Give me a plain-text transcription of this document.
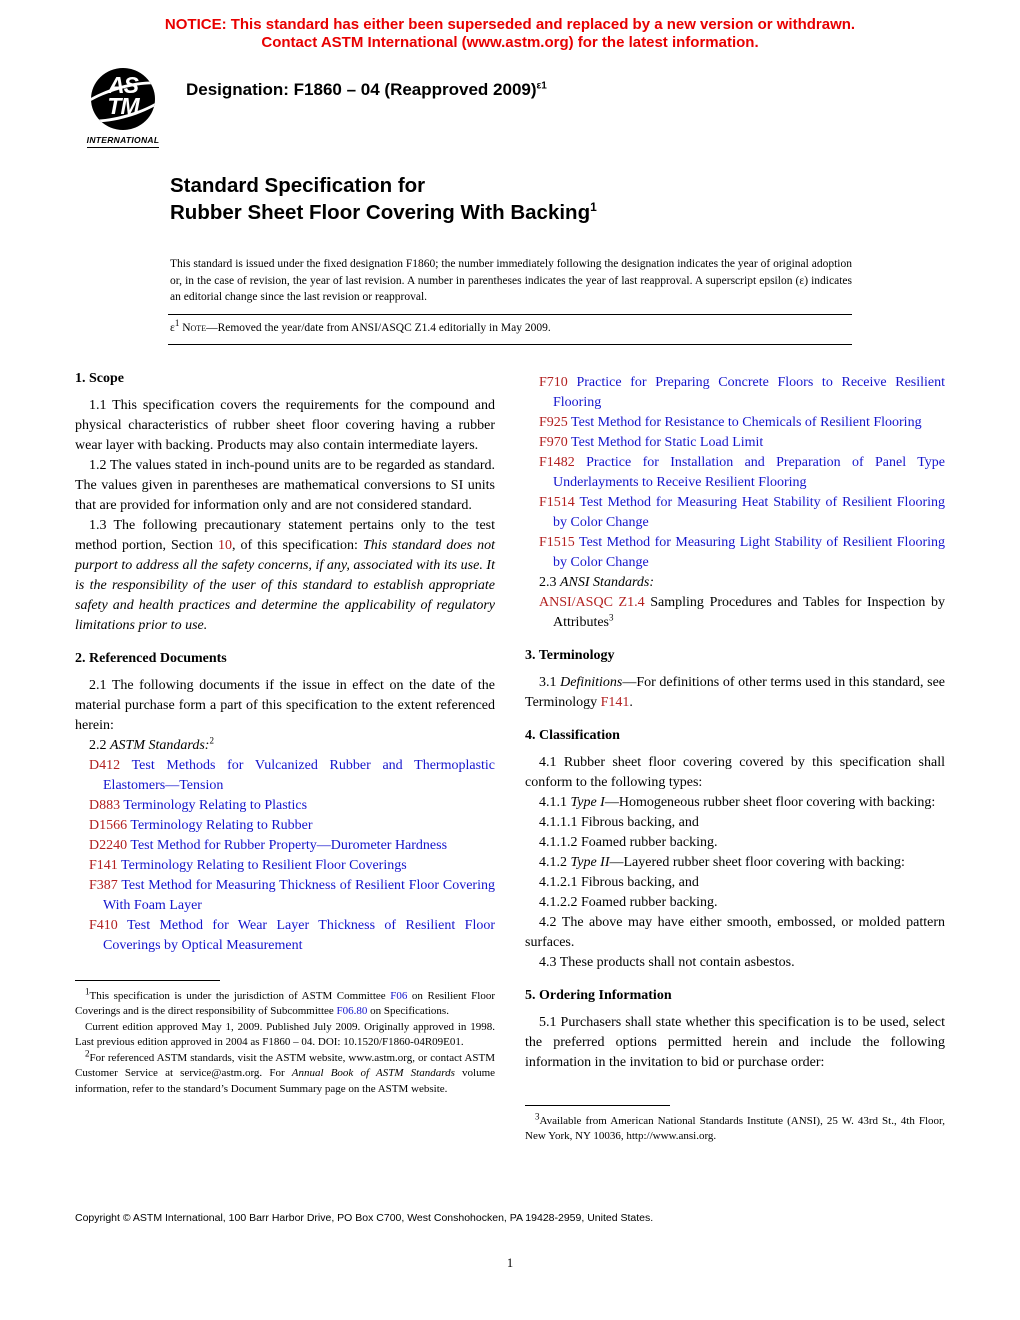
NOTICE: This standard has either been superseded and replaced by a new version or withdrawn.
Contact ASTM International (www.astm.org) for the latest information.
AS
TM
INTERNATIONAL
Designation: F1860 – 04 (Reapproved 2009)$^{\varepsilon 1}$
Standard Specification for
Rubber Sheet Floor Covering With Backing$^1$
This standard is issued under the fixed designation F1860; the number immediately following the designation indicates the year of original adoption or, in the case of revision, the year of last revision. A number in parentheses indicates the year of last reapproval. A superscript epsilon (ε) indicates an editorial change since the last revision or reapproval.
$\varepsilon^1$ Note—Removed the year/date from ANSI/ASQC Z1.4 editorially in May 2009.
1. Scope

1.1 This specification covers the requirements for the compound and physical characteristics of rubber sheet floor covering having a rubber wear layer with backing. Products may also contain intermediate layers.

1.2 The values stated in inch-pound units are to be regarded as standard. The values given in parentheses are mathematical conversions to SI units that are provided for information only and are not considered standard.

1.3 The following precautionary statement pertains only to the test method portion, Section 10, of this specification: This standard does not purport to address all the safety concerns, if any, associated with its use. It is the responsibility of the user of this standard to establish appropriate safety and health practices and determine the applicability of regulatory limitations prior to use.

2. Referenced Documents

2.1 The following documents if the issue in effect on the date of the material purchase form a part of this specification to the extent referenced herein:

2.2 ASTM Standards:$^2$

D412 Test Methods for Vulcanized Rubber and Thermoplastic Elastomers—Tension

D883 Terminology Relating to Plastics

D1566 Terminology Relating to Rubber

D2240 Test Method for Rubber Property—Durometer Hardness

F141 Terminology Relating to Resilient Floor Coverings

F387 Test Method for Measuring Thickness of Resilient Floor Covering With Foam Layer

F410 Test Method for Wear Layer Thickness of Resilient Floor Coverings by Optical Measurement

$^1$This specification is under the jurisdiction of ASTM Committee F06 on Resilient Floor Coverings and is the direct responsibility of Subcommittee F06.80 on Specifications.

Current edition approved May 1, 2009. Published July 2009. Originally approved in 1998. Last previous edition approved in 2004 as F1860 – 04. DOI: 10.1520/F1860-04R09E01.

$^2$For referenced ASTM standards, visit the ASTM website, www.astm.org, or contact ASTM Customer Service at service@astm.org. For Annual Book of ASTM Standards volume information, refer to the standard’s Document Summary page on the ASTM website.

F710 Practice for Preparing Concrete Floors to Receive Resilient Flooring

F925 Test Method for Resistance to Chemicals of Resilient Flooring

F970 Test Method for Static Load Limit

F1482 Practice for Installation and Preparation of Panel Type Underlayments to Receive Resilient Flooring

F1514 Test Method for Measuring Heat Stability of Resilient Flooring by Color Change

F1515 Test Method for Measuring Light Stability of Resilient Flooring by Color Change

2.3 ANSI Standards:

ANSI/ASQC Z1.4 Sampling Procedures and Tables for Inspection by Attributes$^3$

3. Terminology

3.1 Definitions—For definitions of other terms used in this standard, see Terminology F141.

4. Classification

4.1 Rubber sheet floor covering covered by this specification shall conform to the following types:

4.1.1 Type I—Homogeneous rubber sheet floor covering with backing:

4.1.1.1 Fibrous backing, and

4.1.1.2 Foamed rubber backing.

4.1.2 Type II—Layered rubber sheet floor covering with backing:

4.1.2.1 Fibrous backing, and

4.1.2.2 Foamed rubber backing.

4.2 The above may have either smooth, embossed, or molded pattern surfaces.

4.3 These products shall not contain asbestos.

5. Ordering Information

5.1 Purchasers shall state whether this specification is to be used, select the preferred options permitted herein and include the following information in the invitation to bid or purchase order:

$^3$Available from American National Standards Institute (ANSI), 25 W. 43rd St., 4th Floor, New York, NY 10036, http://www.ansi.org.

Copyright © ASTM International, 100 Barr Harbor Drive, PO Box C700, West Conshohocken, PA 19428-2959, United States.
1
